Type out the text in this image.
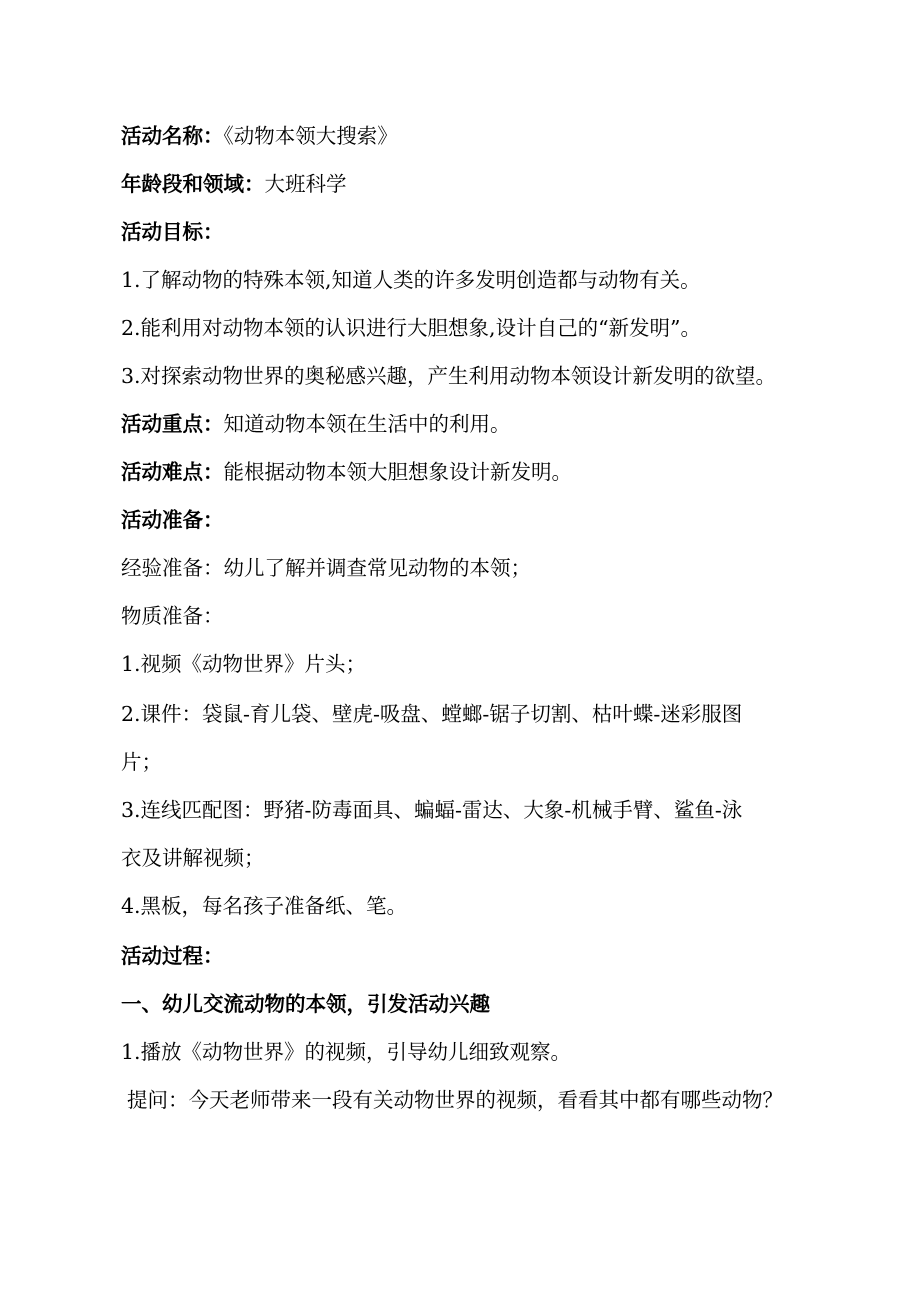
活动名称：《动物本领大搜索》
年龄段和领域：大班科学
活动目标：
1.了解动物的特殊本领,知道人类的许多发明创造都与动物有关。
2.能利用对动物本领的认识进行大胆想象,设计自己的“新发明”。
3.对探索动物世界的奥秘感兴趣，产生利用动物本领设计新发明的欲望。
活动重点：知道动物本领在生活中的利用。
活动难点：能根据动物本领大胆想象设计新发明。
活动准备：
经验准备：幼儿了解并调查常见动物的本领；
物质准备：
1.视频《动物世界》片头；
2.课件：袋鼠-育儿袋、壁虎-吸盘、螳螂-锯子切割、枯叶蝶-迷彩服图
片；
3.连线匹配图：野猪-防毒面具、蝙蝠-雷达、大象-机械手臂、鲨鱼-泳
衣及讲解视频；
4.黑板，每名孩子准备纸、笔。
活动过程：
一、幼儿交流动物的本领，引发活动兴趣
1.播放《动物世界》的视频，引导幼儿细致观察。
提问：今天老师带来一段有关动物世界的视频，看看其中都有哪些动物？
